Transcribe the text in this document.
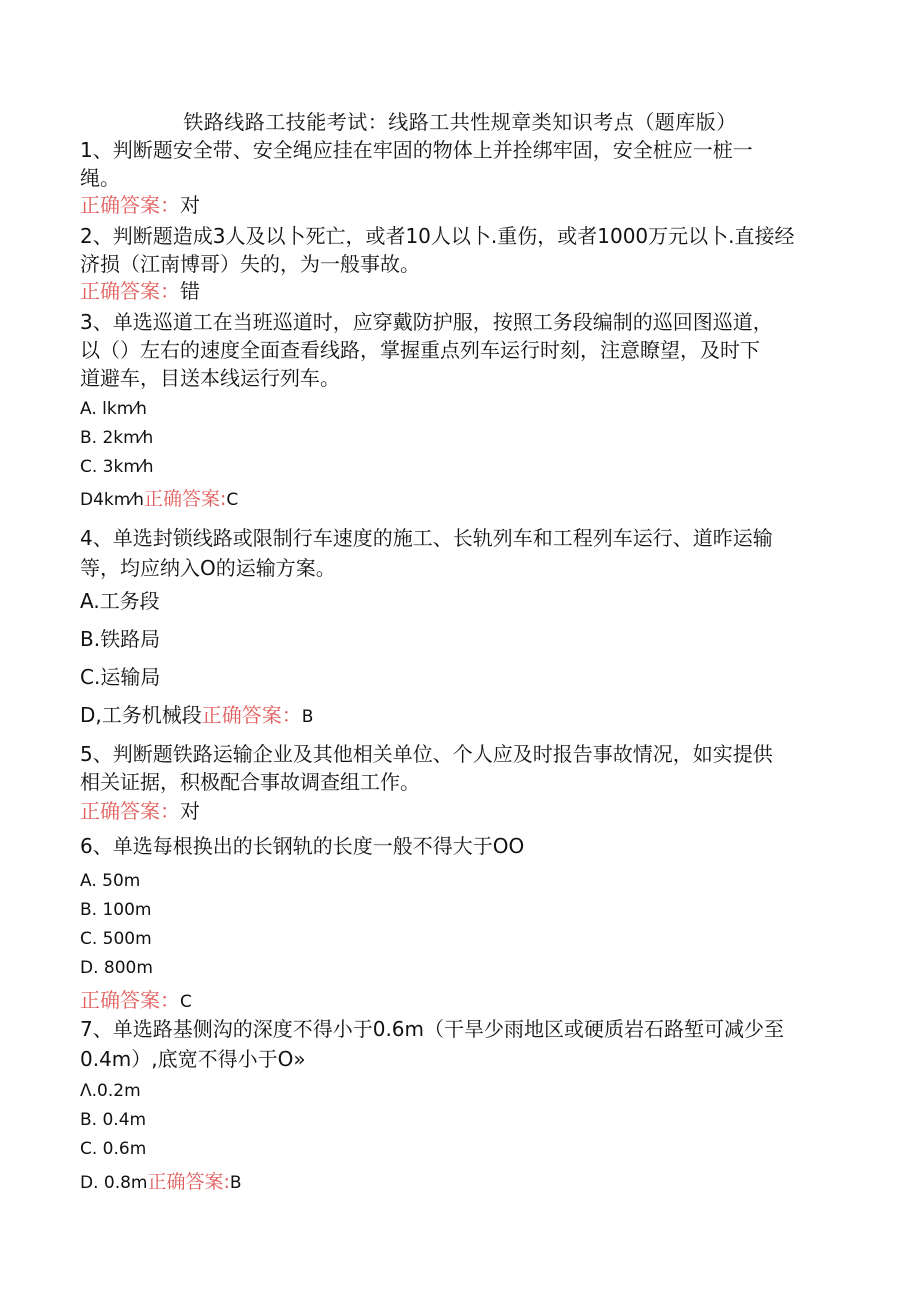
铁路线路工技能考试：线路工共性规章类知识考点（题库版）
1、判断题安全带、安全绳应挂在牢固的物体上并拴绑牢固，安全桩应一桩一
绳。
正确答案：对
2、判断题造成3人及以卜死亡，或者10人以卜.重伤，或者1000万元以卜.直接经
济损（江南博哥）失的，为一般事故。
正确答案：错
3、单选巡道工在当班巡道时，应穿戴防护服，按照工务段编制的巡回图巡道，
以（）左右的速度全面查看线路，掌握重点列车运行时刻，注意瞭望，及时下
道避车，目送本线运行列车。
A. lkm⁄h
B. 2km⁄h
C. 3km⁄h
D4km⁄h正确答案:C
4、单选封锁线路或限制行车速度的施工、长轨列车和工程列车运行、道昨运输
等，均应纳入O的运输方案。
A.工务段
B.铁路局
C.运输局
D,工务机械段正确答案：B
5、判断题铁路运输企业及其他相关单位、个人应及时报告事故情况，如实提供
相关证据，积极配合事故调查组工作。
正确答案：对
6、单选每根换出的长钢轨的长度一般不得大于OO
A. 50m
B. 100m
C. 500m
D. 800m
正确答案：C
7、单选路基侧沟的深度不得小于0.6m（干旱少雨地区或硬质岩石路堑可减少至
0.4m）,底宽不得小于O»
Λ.0.2m
B. 0.4m
C. 0.6m
D. 0.8m正确答案:B
